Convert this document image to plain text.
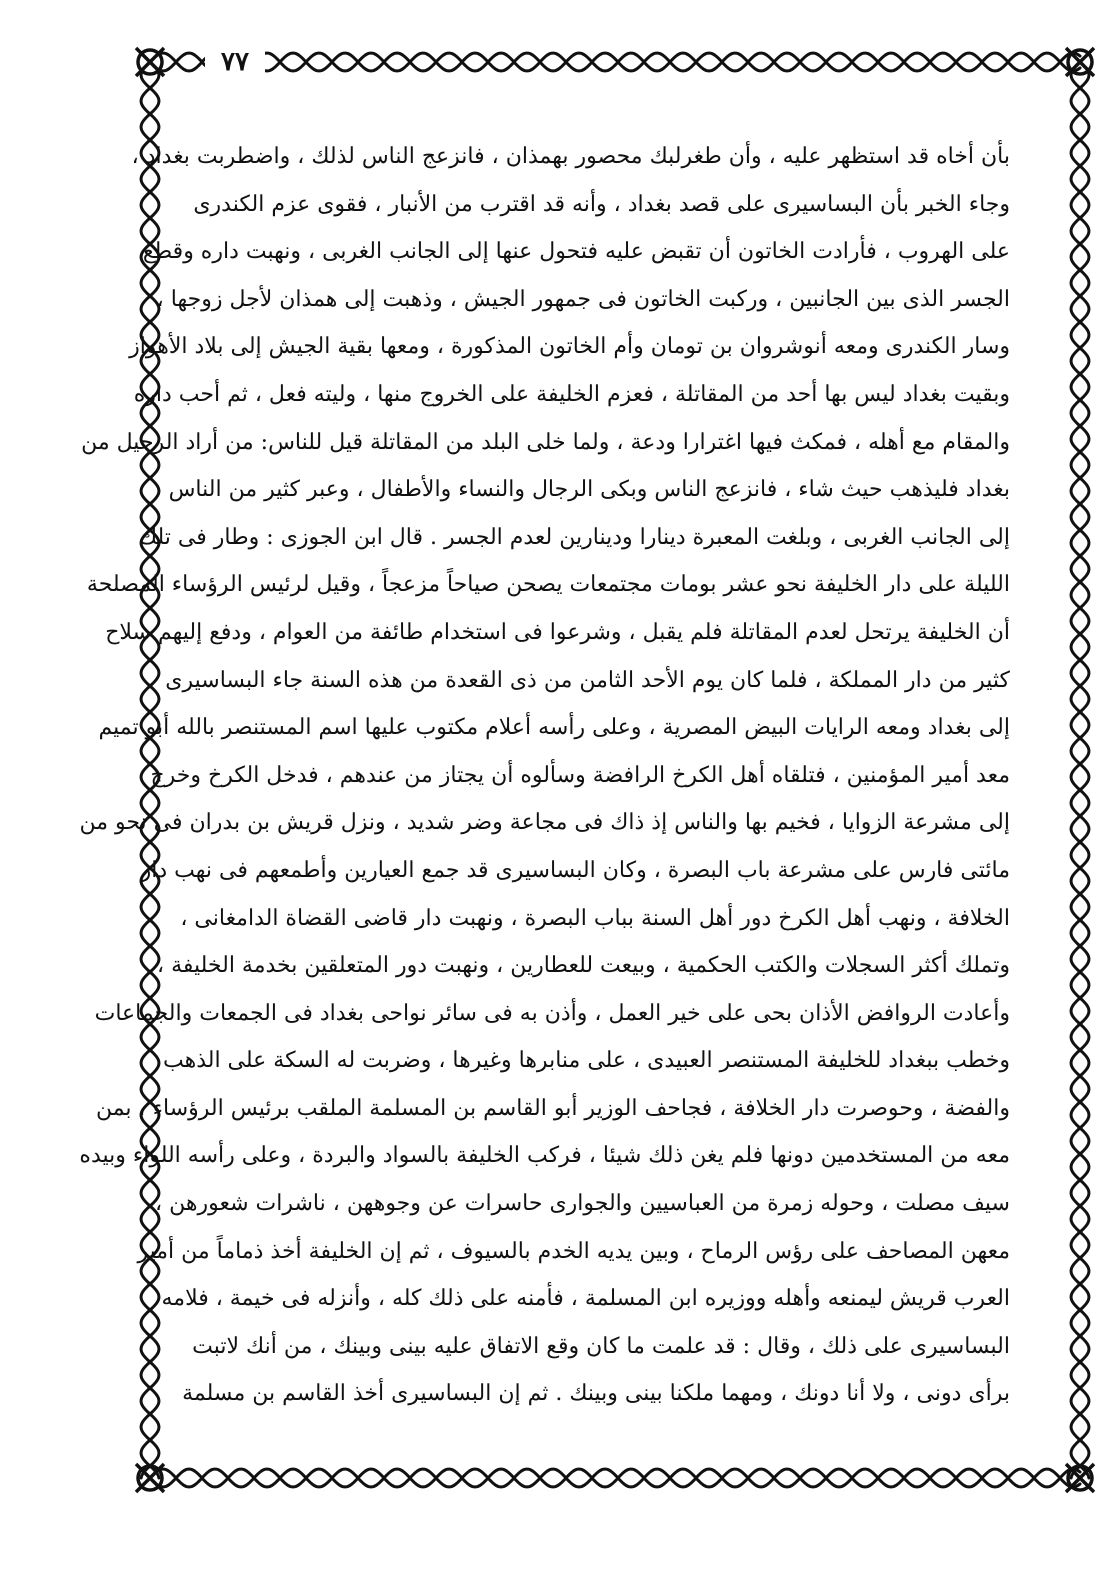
٧٧
بأن أخاه قد استظهر عليه ، وأن طغرلبك محصور بهمذان ، فانزعج الناس لذلك ، واضطربت بغداد ،
وجاء الخبر بأن البساسيرى على قصد بغداد ، وأنه قد اقترب من الأنبار ، فقوى عزم الكندرى
على الهروب ، فأرادت الخاتون أن تقبض عليه فتحول عنها إلى الجانب الغربى ، ونهبت داره وقطع
الجسر الذى بين الجانبين ، وركبت الخاتون فى جمهور الجيش ، وذهبت إلى همذان لأجل زوجها ،
وسار الكندرى ومعه أنوشروان بن تومان وأم الخاتون المذكورة ، ومعها بقية الجيش إلى بلاد الأهواز
وبقيت بغداد ليس بها أحد من المقاتلة ، فعزم الخليفة على الخروج منها ، وليته فعل ، ثم أحب داره
والمقام مع أهله ، فمكث فيها اغترارا ودعة ، ولما خلى البلد من المقاتلة قيل للناس: من أراد الرحيل من
بغداد فليذهب حيث شاء ، فانزعج الناس وبكى الرجال والنساء والأطفال ، وعبر كثير من الناس
إلى الجانب الغربى ، وبلغت المعبرة دينارا ودينارين لعدم الجسر . قال ابن الجوزى : وطار فى تلك
الليلة على دار الخليفة نحو عشر بومات مجتمعات يصحن صياحاً مزعجاً ، وقيل لرئيس الرؤساء المصلحة
أن الخليفة يرتحل لعدم المقاتلة فلم يقبل ، وشرعوا فى استخدام طائفة من العوام ، ودفع إليهم سلاح
كثير من دار المملكة ، فلما كان يوم الأحد الثامن من ذى القعدة من هذه السنة جاء البساسيرى
إلى بغداد ومعه الرايات البيض المصرية ، وعلى رأسه أعلام مكتوب عليها اسم المستنصر بالله أبو تميم
معد أمير المؤمنين ، فتلقاه أهل الكرخ الرافضة وسألوه أن يجتاز من عندهم ، فدخل الكرخ وخرج
إلى مشرعة الزوايا ، فخيم بها والناس إذ ذاك فى مجاعة وضر شديد ، ونزل قريش بن بدران فى نحو من
مائتى فارس على مشرعة باب البصرة ، وكان البساسيرى قد جمع العيارين وأطمعهم فى نهب دار
الخلافة ، ونهب أهل الكرخ دور أهل السنة بباب البصرة ، ونهبت دار قاضى القضاة الدامغانى ،
وتملك أكثر السجلات والكتب الحكمية ، وبيعت للعطارين ، ونهبت دور المتعلقين بخدمة الخليفة ،
وأعادت الروافض الأذان بحى على خير العمل ، وأذن به فى سائر نواحى بغداد فى الجمعات والجماعات
وخطب ببغداد للخليفة المستنصر العبيدى ، على منابرها وغيرها ، وضربت له السكة على الذهب
والفضة ، وحوصرت دار الخلافة ، فجاحف الوزير أبو القاسم بن المسلمة الملقب برئيس الرؤساء ، بمن
معه من المستخدمين دونها فلم يغن ذلك شيئا ، فركب الخليفة بالسواد والبردة ، وعلى رأسه اللواء وبيده
سيف مصلت ، وحوله زمرة من العباسيين والجوارى حاسرات عن وجوههن ، ناشرات شعورهن ،
معهن المصاحف على رؤس الرماح ، وبين يديه الخدم بالسيوف ، ثم إن الخليفة أخذ ذماماً من أمير
العرب قريش ليمنعه وأهله ووزيره ابن المسلمة ، فأمنه على ذلك كله ، وأنزله فى خيمة ، فلامه
البساسيرى على ذلك ، وقال : قد علمت ما كان وقع الاتفاق عليه بينى وبينك ، من أنك لاتبت
برأى دونى ، ولا أنا دونك ، ومهما ملكنا بينى وبينك . ثم إن البساسيرى أخذ القاسم بن مسلمة
